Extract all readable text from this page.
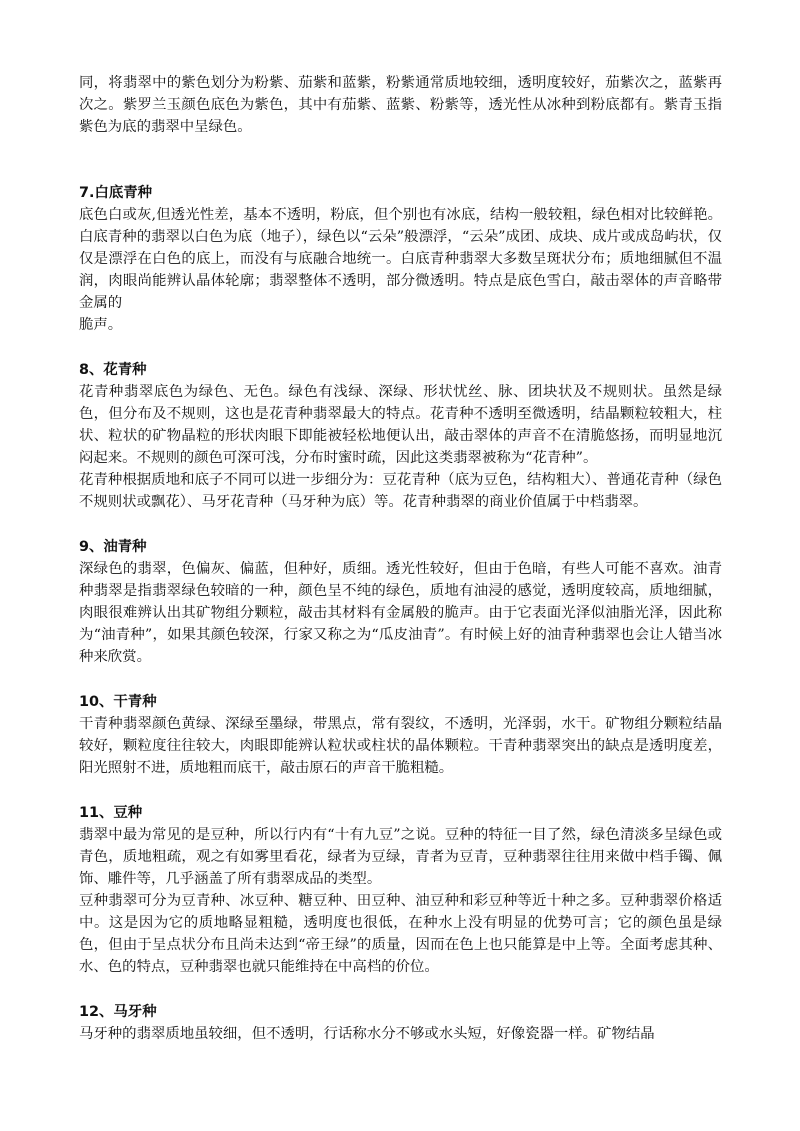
同，将翡翠中的紫色划分为粉紫、茄紫和蓝紫，粉紫通常质地较细，透明度较好，茄紫次之，蓝紫再次之。紫罗兰玉颜色底色为紫色，其中有茄紫、蓝紫、粉紫等，透光性从冰种到粉底都有。紫青玉指紫色为底的翡翠中呈绿色。

7.白底青种

底色白或灰,但透光性差，基本不透明，粉底，但个别也有冰底，结构一般较粗，绿色相对比较鲜艳。白底青种的翡翠以白色为底（地子），绿色以“云朵”般漂浮，“云朵”成团、成块、成片或成岛屿状，仅仅是漂浮在白色的底上，而没有与底融合地统一。白底青种翡翠大多数呈斑状分布；质地细腻但不温润，肉眼尚能辨认晶体轮廓；翡翠整体不透明，部分微透明。特点是底色雪白，敲击翠体的声音略带金属的

脆声。

8、花青种

花青种翡翠底色为绿色、无色。绿色有浅绿、深绿、形状忧丝、脉、团块状及不规则状。虽然是绿色，但分布及不规则，这也是花青种翡翠最大的特点。花青种不透明至微透明，结晶颗粒较粗大，柱状、粒状的矿物晶粒的形状肉眼下即能被轻松地便认出，敲击翠体的声音不在清脆悠扬，而明显地沉闷起来。不规则的颜色可深可浅，分布时蜜时疏，因此这类翡翠被称为“花青种”。

花青种根据质地和底子不同可以进一步细分为：豆花青种（底为豆色，结构粗大）、普通花青种（绿色不规则状或飘花）、马牙花青种（马牙种为底）等。花青种翡翠的商业价值属于中档翡翠。

9、油青种

深绿色的翡翠，色偏灰、偏蓝，但种好，质细。透光性较好，但由于色暗，有些人可能不喜欢。油青种翡翠是指翡翠绿色较暗的一种，颜色呈不纯的绿色，质地有油浸的感觉，透明度较高，质地细腻，肉眼很难辨认出其矿物组分颗粒，敲击其材料有金属般的脆声。由于它表面光泽似油脂光泽，因此称为“油青种”，如果其颜色较深，行家又称之为“瓜皮油青”。有时候上好的油青种翡翠也会让人错当冰种来欣赏。

10、干青种

干青种翡翠颜色黄绿、深绿至墨绿，带黑点，常有裂纹，不透明，光泽弱，水干。矿物组分颗粒结晶较好，颗粒度往往较大，肉眼即能辨认粒状或柱状的晶体颗粒。干青种翡翠突出的缺点是透明度差，阳光照射不进，质地粗而底干，敲击原石的声音干脆粗糙。

11、豆种

翡翠中最为常见的是豆种，所以行内有“十有九豆”之说。豆种的特征一目了然，绿色清淡多呈绿色或青色，质地粗疏，观之有如雾里看花，绿者为豆绿，青者为豆青，豆种翡翠往往用来做中档手镯、佩饰、雕件等，几乎涵盖了所有翡翠成品的类型。

豆种翡翠可分为豆青种、冰豆种、糖豆种、田豆种、油豆种和彩豆种等近十种之多。豆种翡翠价格适中。这是因为它的质地略显粗糙，透明度也很低，在种水上没有明显的优势可言；它的颜色虽是绿色，但由于呈点状分布且尚未达到“帝王绿”的质量，因而在色上也只能算是中上等。全面考虑其种、水、色的特点，豆种翡翠也就只能维持在中高档的价位。

12、马牙种

马牙种的翡翠质地虽较细，但不透明，行话称水分不够或水头短，好像瓷器一样。矿物结晶
